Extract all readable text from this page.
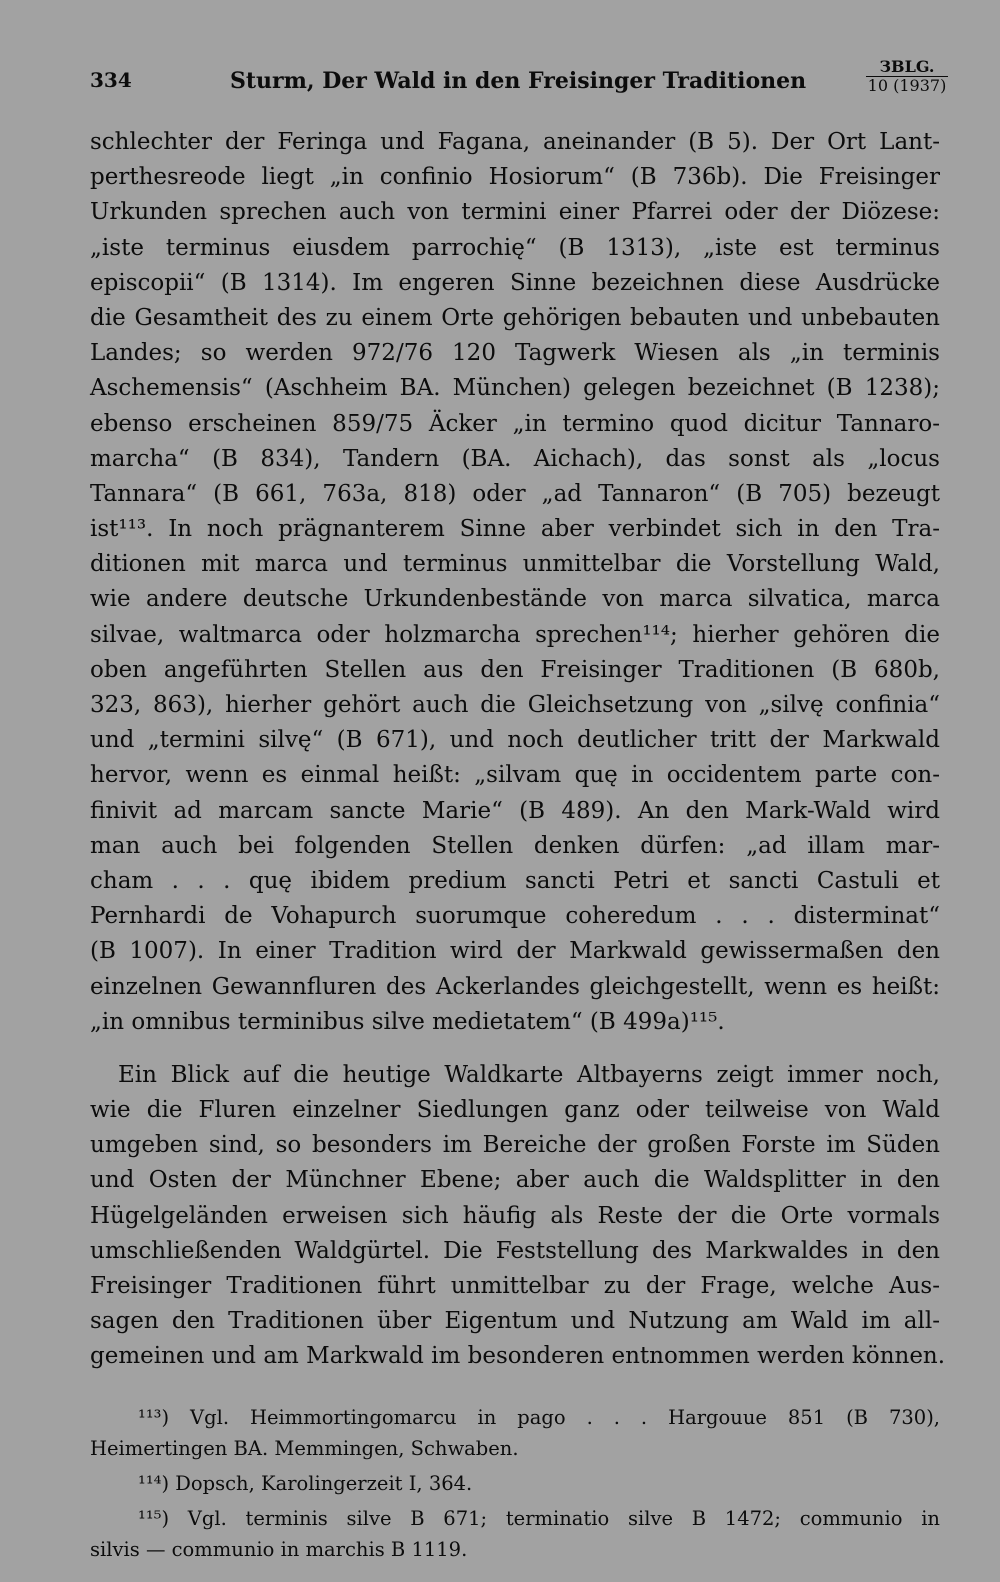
334	Sturm, Der Wald in den Freisinger Traditionen
ЗВLG.
10 (1937)
schlechter der Feringa und Fagana, aneinander (B 5). Der Ort Lant-
perthesreode liegt „in confinio Hosiorum“ (B 736b). Die Freisinger
Urkunden sprechen auch von termini einer Pfarrei oder der Diözese:
„iste terminus eiusdem parrochię“ (B 1313), „iste est terminus
episcopii“ (B 1314). Im engeren Sinne bezeichnen diese Ausdrücke
die Gesamtheit des zu einem Orte gehörigen bebauten und unbebauten
Landes; so werden 972/76 120 Tagwerk Wiesen als „in terminis
Aschemensis“ (Aschheim BA. München) gelegen bezeichnet (B 1238);
ebenso erscheinen 859/75 Äcker „in termino quod dicitur Tannaro-
marcha“ (B 834), Tandern (BA. Aichach), das sonst als „locus
Tannara“ (B 661, 763a, 818) oder „ad Tannaron“ (B 705) bezeugt
ist¹¹³. In noch prägnanterem Sinne aber verbindet sich in den Tra-
ditionen mit marca und terminus unmittelbar die Vorstellung Wald,
wie andere deutsche Urkundenbestände von marca silvatica, marca
silvae, waltmarca oder holzmarcha sprechen¹¹⁴; hierher gehören die
oben angeführten Stellen aus den Freisinger Traditionen (B 680b,
323, 863), hierher gehört auch die Gleichsetzung von „silvę confinia“
und „termini silvę“ (B 671), und noch deutlicher tritt der Markwald
hervor, wenn es einmal heißt: „silvam quę in occidentem parte con-
finivit ad marcam sancte Marie“ (B 489). An den Mark-Wald wird
man auch bei folgenden Stellen denken dürfen: „ad illam mar-
cham . . . quę ibidem predium sancti Petri et sancti Castuli et
Pernhardi de Vohapurch suorumque coheredum . . . disterminat“
(B 1007). In einer Tradition wird der Markwald gewissermaßen den
einzelnen Gewannfluren des Ackerlandes gleichgestellt, wenn es heißt:
„in omnibus terminibus silve medietatem“ (B 499a)¹¹⁵.
Ein Blick auf die heutige Waldkarte Altbayerns zeigt immer noch,
wie die Fluren einzelner Siedlungen ganz oder teilweise von Wald
umgeben sind, so besonders im Bereiche der großen Forste im Süden
und Osten der Münchner Ebene; aber auch die Waldsplitter in den
Hügelgeländen erweisen sich häufig als Reste der die Orte vormals
umschließenden Waldgürtel. Die Feststellung des Markwaldes in den
Freisinger Traditionen führt unmittelbar zu der Frage, welche Aus-
sagen den Traditionen über Eigentum und Nutzung am Wald im all-
gemeinen und am Markwald im besonderen entnommen werden können.
¹¹³) Vgl. Heimmortingomarcu in pago . . . Hargouue 851 (B 730),
Heimertingen BA. Memmingen, Schwaben.
¹¹⁴) Dopsch, Karolingerzeit I, 364.
¹¹⁵) Vgl. terminis silve B 671; terminatio silve B 1472; communio in
silvis — communio in marchis B 1119.
